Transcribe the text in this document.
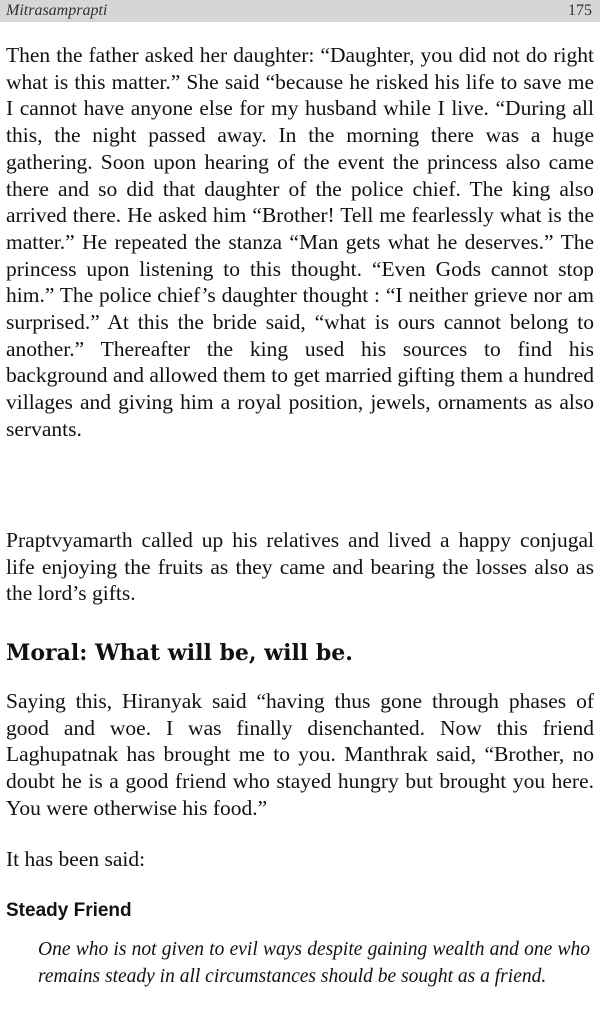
Mitrasamprapti	175

Then the father asked her daughter: “Daughter, you did not do right what is this matter.” She said “because he risked his life to save me I cannot have anyone else for my husband while I live. “During all this, the night passed away. In the morning there was a huge gathering. Soon upon hearing of the event the princess also came there and so did that daughter of the police chief. The king also arrived there. He asked him “Brother! Tell me fearlessly what is the matter.” He repeated the stanza “Man gets what he deserves.” The princess upon listening to this thought. “Even Gods cannot stop him.” The police chief’s daughter thought : “I neither grieve nor am surprised.” At this the bride said, “what is ours cannot belong to another.” Thereafter the king used his sources to find his background and allowed them to get married gifting them a hundred villages and giving him a royal position, jewels, ornaments as also servants.

Praptvyamarth called up his relatives and lived a happy conjugal life enjoying the fruits as they came and bearing the losses also as the lord’s gifts.

Moral: What will be, will be.

Saying this, Hiranyak said “having thus gone through phases of good and woe. I was finally disenchanted. Now this friend Laghupatnak has brought me to you. Manthrak said, “Brother, no doubt he is a good friend who stayed hungry but brought you here. You were otherwise his food.”

It has been said:

Steady Friend

One who is not given to evil ways despite gaining wealth and one who remains steady in all circumstances should be sought as a friend.
